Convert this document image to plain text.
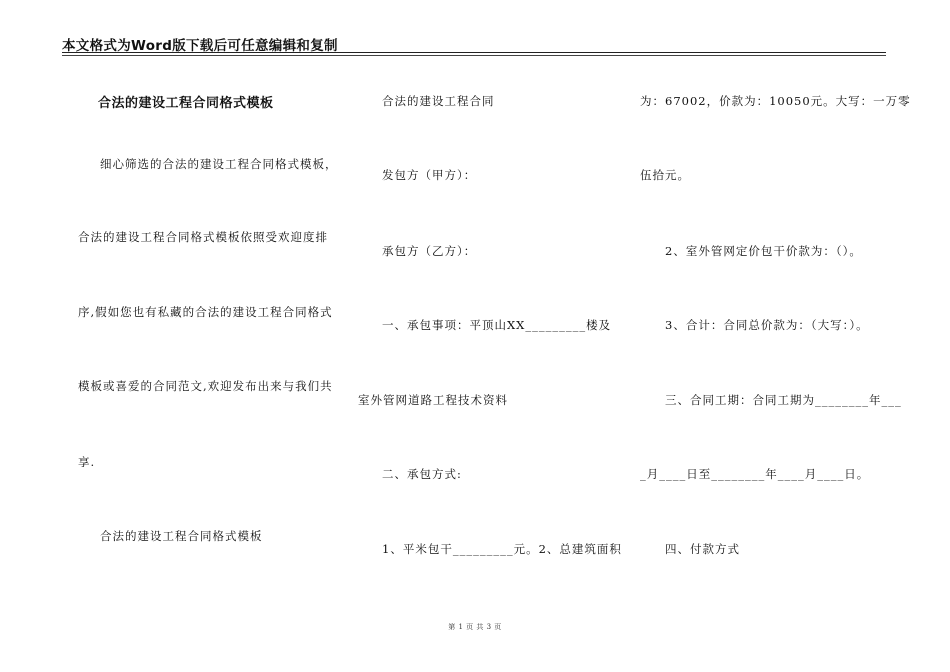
本文格式为Word版下载后可任意编辑和复制
合法的建设工程合同格式模板
细心筛选的合法的建设工程合同格式模板，
合法的建设工程合同格式模板依照受欢迎度排
序,假如您也有私藏的合法的建设工程合同格式
模板或喜爱的合同范文,欢迎发布出来与我们共
享.
合法的建设工程合同格式模板
合法的建设工程合同
发包方（甲方）：
承包方（乙方）：
一、承包事项：平顶山XX_________楼及
室外管网道路工程技术资料
二、承包方式:
1、平米包干_________元。2、总建筑面积
为：67002，价款为：10050元。大写：一万零
伍拾元。
2、室外管网定价包干价款为：（）。
3、合计：合同总价款为：（大写：）。
三、合同工期：合同工期为________年___
_月____日至________年____月____日。
四、付款方式
第 1 页 共 3 页
